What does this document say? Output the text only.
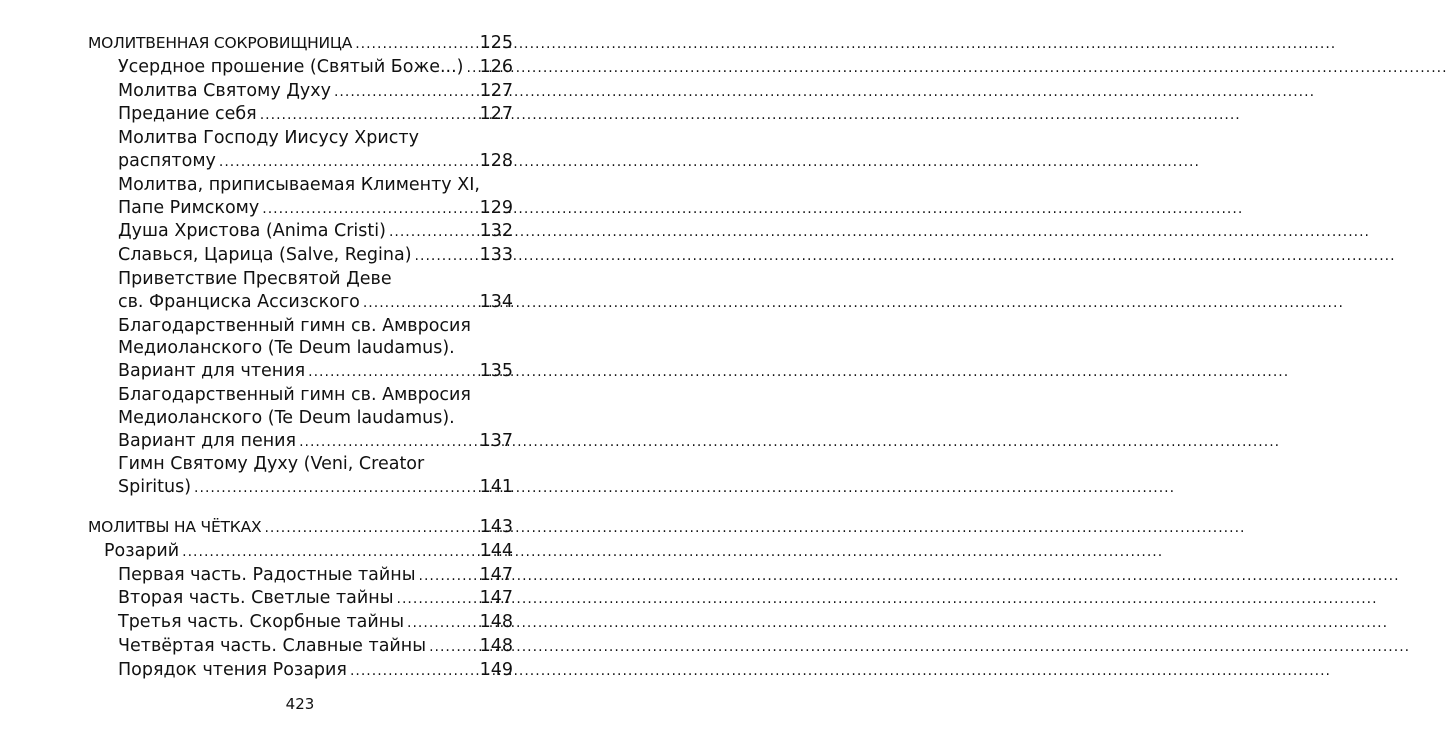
МОЛИТВЕННАЯ СОКРОВИЩНИЦА .....	125
Усердное прошение (Святый Боже...) ..... 126
Молитва Святому Духу .....	127
Предание себя .....	127
Молитва Господу Иисусу Христу
распятому .....	128
Молитва, приписываемая Клименту XI,
Папе Римскому .....	129
Душа Христова (Anima Cristi) .....	132
Славься, Царица (Salve, Regina) .....	133
Приветствие Пресвятой Деве
св. Франциска Ассизского .....	134
Благодарственный гимн св. Амвросия
Медиоланского (Te Deum laudamus).
Вариант для чтения .....	135
Благодарственный гимн св. Амвросия
Медиоланского (Te Deum laudamus).
Вариант для пения .....	137
Гимн Святому Духу (Veni, Creator
Spiritus) .....	141
МОЛИТВЫ НА ЧЁТКАХ .....	143
Розарий .....	144
Первая часть. Радостные тайны .....	147
Вторая часть. Светлые тайны .....	147
Третья часть. Скорбные тайны .....	148
Четвёртая часть. Славные тайны .....	148
Порядок чтения Розария .....	149
423
